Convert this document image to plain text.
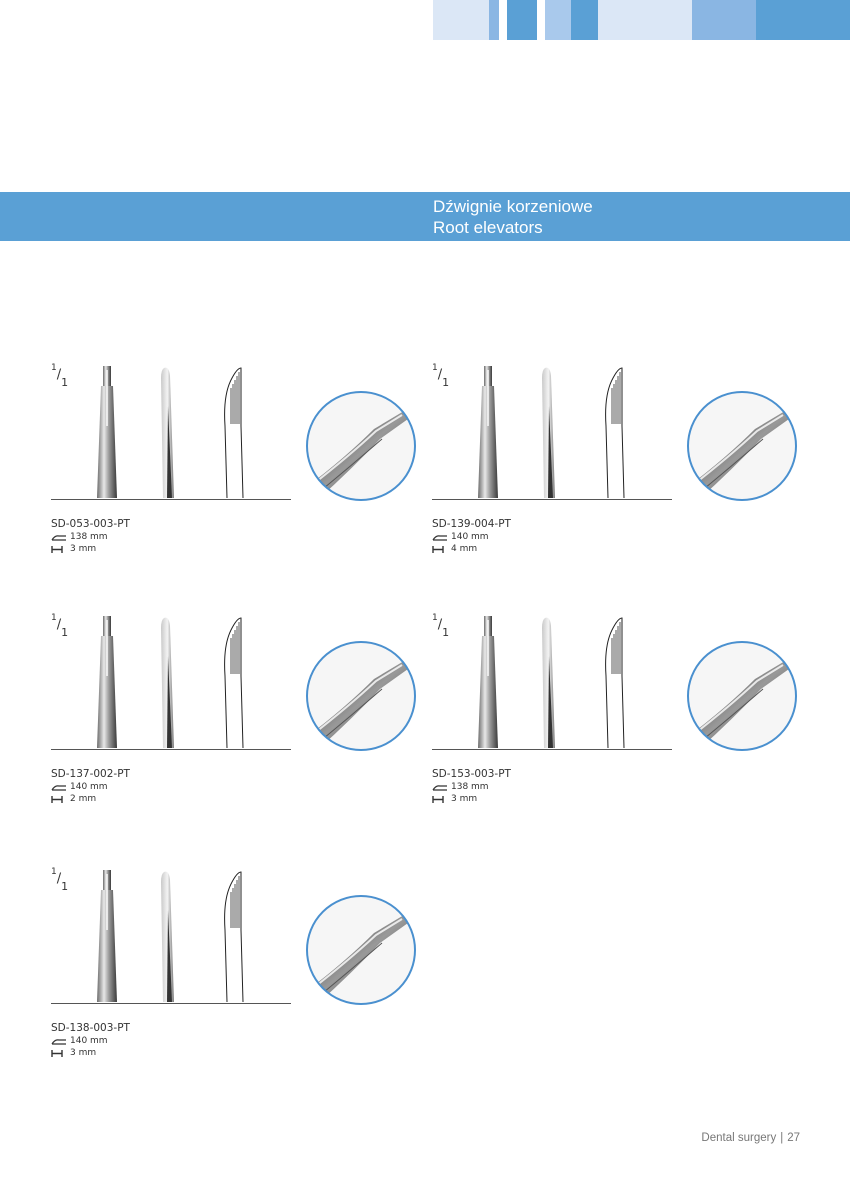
Dźwignie korzeniowe
Root elevators
$^1/_1$
SD-053-003-PT
138 mm
3 mm
$^1/_1$
SD-139-004-PT
140 mm
4 mm
$^1/_1$
SD-137-002-PT
140 mm
2 mm
$^1/_1$
SD-153-003-PT
138 mm
3 mm
$^1/_1$
SD-138-003-PT
140 mm
3 mm
Dental surgery | 27
